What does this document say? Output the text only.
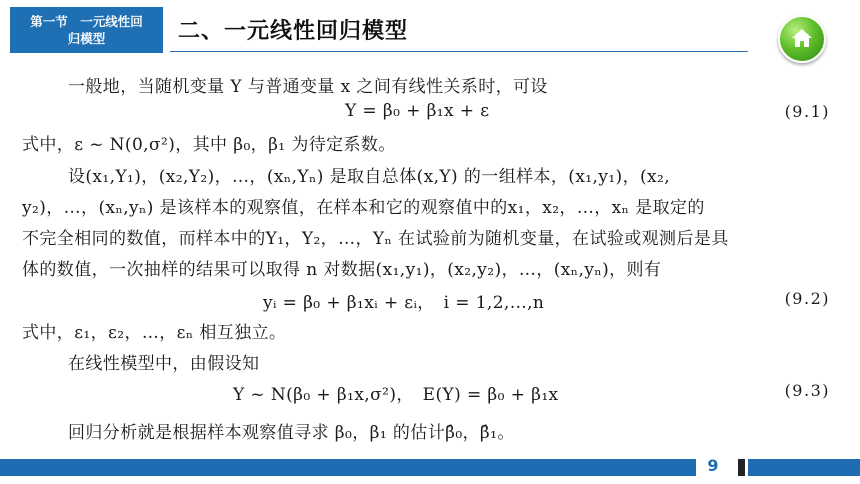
第一节　一元线性回
归模型	二、一元线性回归模型
一般地，当随机变量 Y 与普通变量 x 之间有线性关系时，可设
Y = β₀ + β₁x + ε	(9.1)
式中，ε ~ N(0,σ²)，其中 β₀，β₁ 为待定系数。
设(x₁,Y₁)，(x₂,Y₂)，…，(xₙ,Yₙ) 是取自总体(x,Y) 的一组样本，(x₁,y₁)，(x₂,
y₂)，…，(xₙ,yₙ) 是该样本的观察值，在样本和它的观察值中的x₁，x₂，…，xₙ 是取定的
不完全相同的数值，而样本中的Y₁，Y₂，…，Yₙ 在试验前为随机变量，在试验或观测后是具
体的数值，一次抽样的结果可以取得 n 对数据(x₁,y₁)，(x₂,y₂)，…，(xₙ,yₙ)，则有
yᵢ = β₀ + β₁xᵢ + εᵢ，　i = 1,2,…,n	(9.2)
式中，ε₁，ε₂，…，εₙ 相互独立。
在线性模型中，由假设知
Y ~ N(β₀ + β₁x,σ²)，　E(Y) = β₀ + β₁x	(9.3)
回归分析就是根据样本观察值寻求 β₀，β₁ 的估计β̂₀，β̂₁。
9
